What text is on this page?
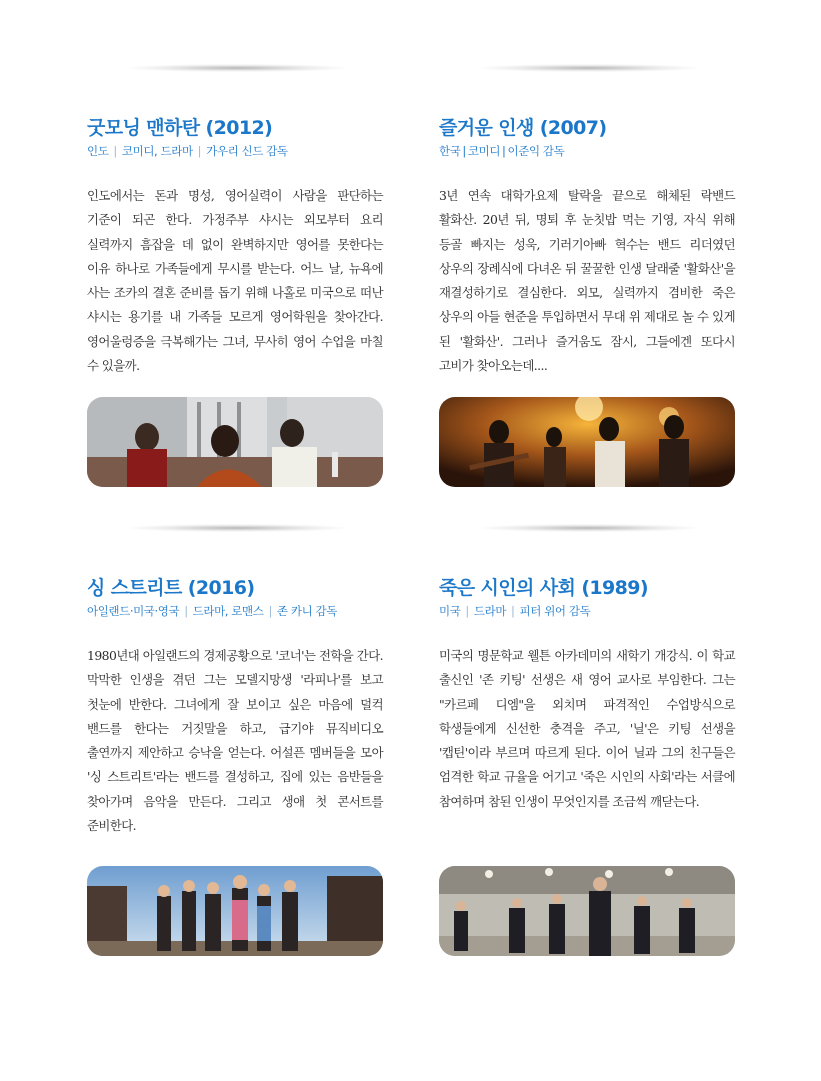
굿모닝 맨하탄 (2012)
인도 | 코미디, 드라마 | 가우리 신드 감독

인도에서는 돈과 명성, 영어실력이 사람을 판단하는 기준이 되곤 한다. 가정주부 샤시는 외모부터 요리 실력까지 흠잡을 데 없이 완벽하지만 영어를 못한다는 이유 하나로 가족들에게 무시를 받는다. 어느 날, 뉴욕에 사는 조카의 결혼 준비를 돕기 위해 나홀로 미국으로 떠난 샤시는 용기를 내 가족들 모르게 영어학원을 찾아간다. 영어울렁증을 극복해가는 그녀, 무사히 영어 수업을 마칠 수 있을까.

즐거운 인생 (2007)
한국 | 코미디 | 이준익 감독

3년 연속 대학가요제 탈락을 끝으로 해체된 락밴드 활화산. 20년 뒤, 명퇴 후 눈칫밥 먹는 기영, 자식 위해 등골 빠지는 성욱, 기러기아빠 혁수는 밴드 리더였던 상우의 장례식에 다녀온 뒤 꿀꿀한 인생 달래줄 '활화산'을 재결성하기로 결심한다. 외모, 실력까지 겸비한 죽은 상우의 아들 현준을 투입하면서 무대 위 제대로 놀 수 있게 된 '활화산'. 그러나 즐거움도 잠시, 그들에겐 또다시 고비가 찾아오는데....

싱 스트리트 (2016)
아일랜드·미국·영국 | 드라마, 로맨스 | 존 카니 감독

1980년대 아일랜드의 경제공황으로 '코너'는 전학을 간다. 막막한 인생을 겪던 그는 모델지망생 '라피나'를 보고 첫눈에 반한다. 그녀에게 잘 보이고 싶은 마음에 덜컥 밴드를 한다는 거짓말을 하고, 급기야 뮤직비디오 출연까지 제안하고 승낙을 얻는다. 어설픈 멤버들을 모아 '싱 스트리트'라는 밴드를 결성하고, 집에 있는 음반들을 찾아가며 음악을 만든다. 그리고 생애 첫 콘서트를 준비한다.

죽은 시인의 사회 (1989)
미국 | 드라마 | 피터 위어 감독

미국의 명문학교 웰튼 아카데미의 새학기 개강식. 이 학교 출신인 '존 키팅' 선생은 새 영어 교사로 부임한다. 그는 "카르페 디엠"을 외치며 파격적인 수업방식으로 학생들에게 신선한 충격을 주고, '닐'은 키팅 선생을 '캡틴'이라 부르며 따르게 된다. 이어 닐과 그의 친구들은 엄격한 학교 규율을 어기고 '죽은 시인의 사회'라는 서클에 참여하며 참된 인생이 무엇인지를 조금씩 깨닫는다.
